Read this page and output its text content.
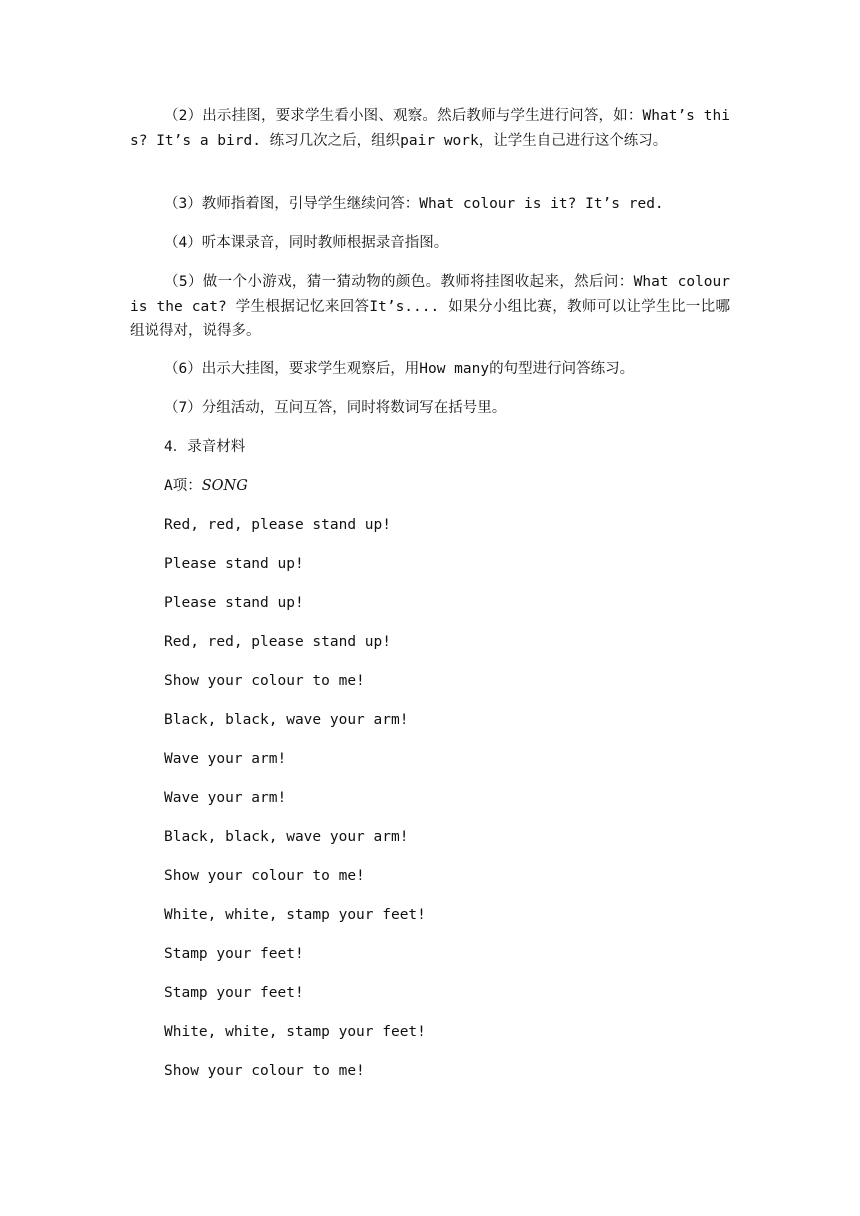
（2）出示挂图，要求学生看小图、观察。然后教师与学生进行问答，如：What’s this? It’s a bird. 练习几次之后，组织pair work，让学生自己进行这个练习。

（3）教师指着图，引导学生继续问答：What colour is it? It’s red.

（4）听本课录音，同时教师根据录音指图。

（5）做一个小游戏，猜一猜动物的颜色。教师将挂图收起来，然后问：What colour is the cat? 学生根据记忆来回答It’s.... 如果分小组比赛，教师可以让学生比一比哪组说得对，说得多。

（6）出示大挂图，要求学生观察后，用How many的句型进行问答练习。

（7）分组活动，互问互答，同时将数词写在括号里。

4．录音材料

A项：SONG

Red, red, please stand up!

Please stand up!

Please stand up!

Red, red, please stand up!

Show your colour to me!

Black, black, wave your arm!

Wave your arm!

Wave your arm!

Black, black, wave your arm!

Show your colour to me!

White, white, stamp your feet!

Stamp your feet!

Stamp your feet!

White, white, stamp your feet!

Show your colour to me!
